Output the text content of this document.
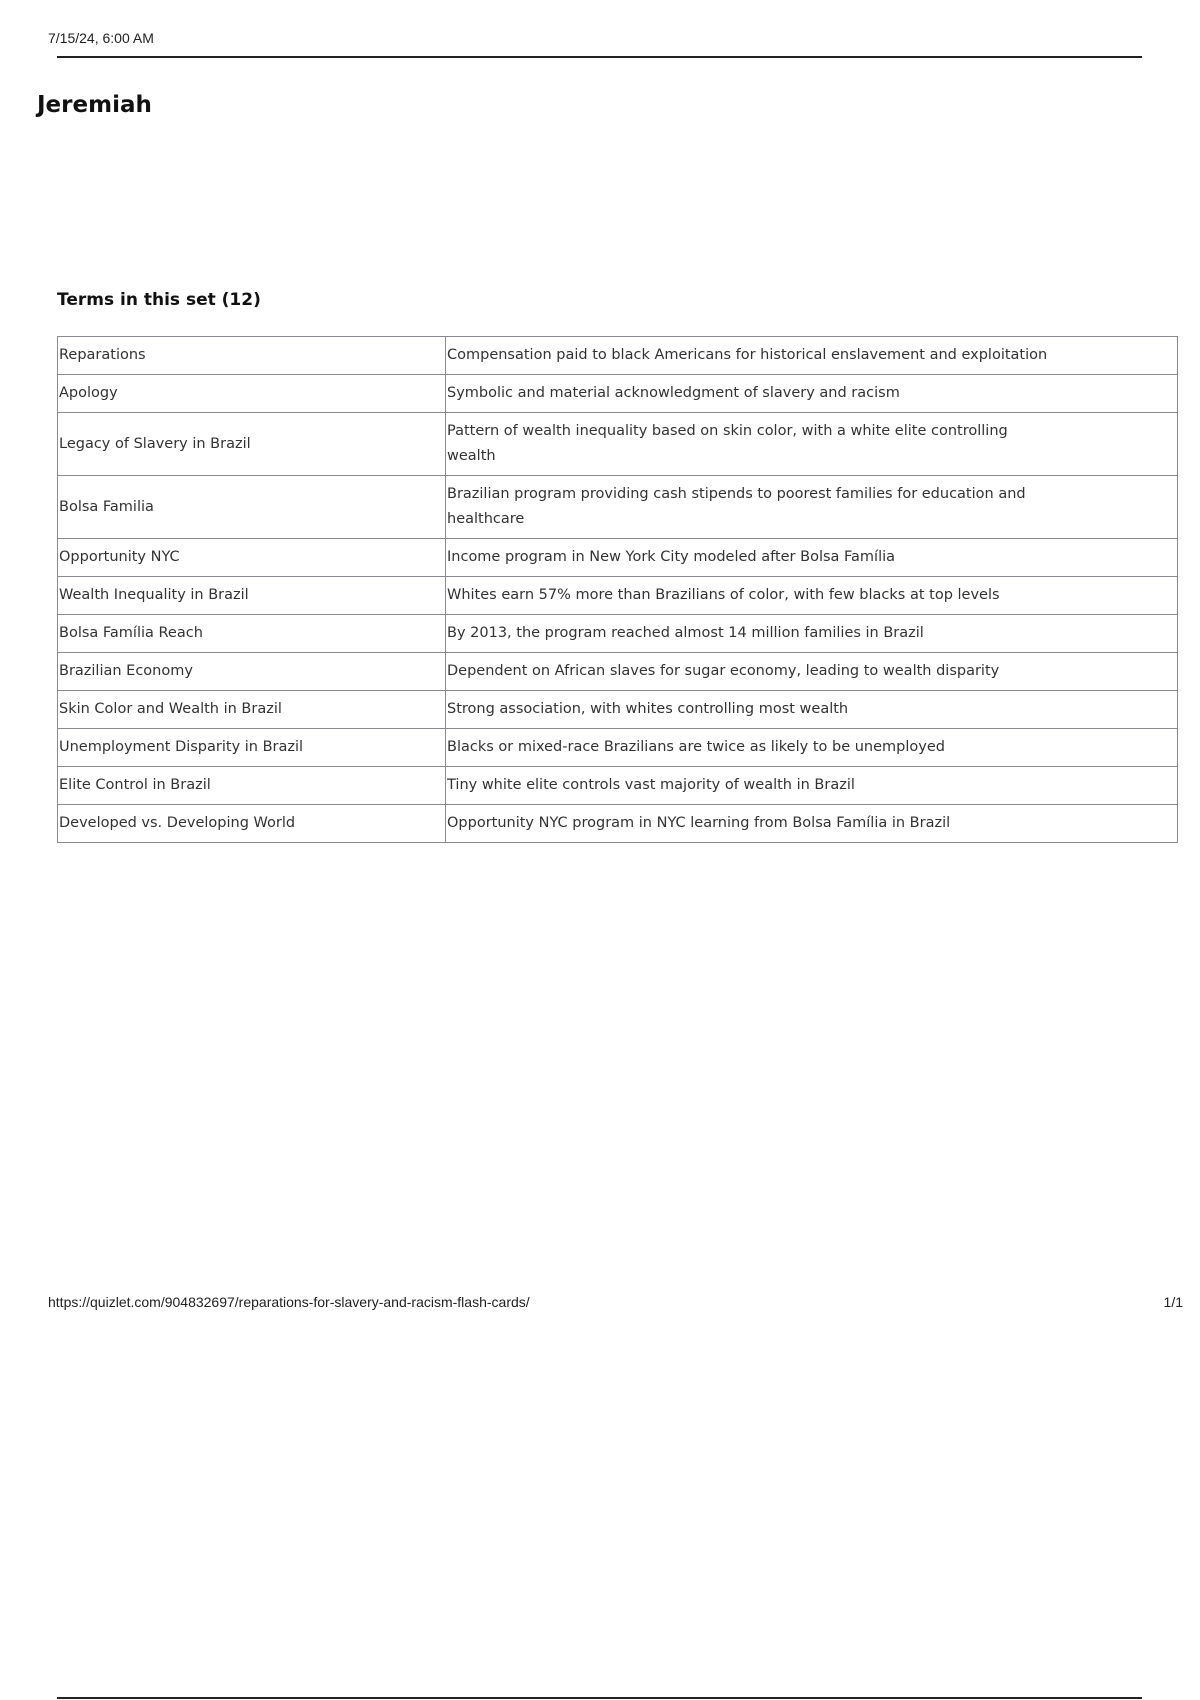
7/15/24, 6:00 AM
Jeremiah
Terms in this set (12)
Reparations	Compensation paid to black Americans for historical enslavement and exploitation

Apology	Symbolic and material acknowledgment of slavery and racism

Legacy of Slavery in Brazil	Pattern of wealth inequality based on skin color, with a white elite controlling wealth

Bolsa Familia	Brazilian program providing cash stipends to poorest families for education and healthcare

Opportunity NYC	Income program in New York City modeled after Bolsa Família

Wealth Inequality in Brazil	Whites earn 57% more than Brazilians of color, with few blacks at top levels

Bolsa Família Reach	By 2013, the program reached almost 14 million families in Brazil

Brazilian Economy	Dependent on African slaves for sugar economy, leading to wealth disparity

Skin Color and Wealth in Brazil	Strong association, with whites controlling most wealth

Unemployment Disparity in Brazil	Blacks or mixed-race Brazilians are twice as likely to be unemployed

Elite Control in Brazil	Tiny white elite controls vast majority of wealth in Brazil

Developed vs. Developing World	Opportunity NYC program in NYC learning from Bolsa Família in Brazil
https://quizlet.com/904832697/reparations-for-slavery-and-racism-flash-cards/	1/1
